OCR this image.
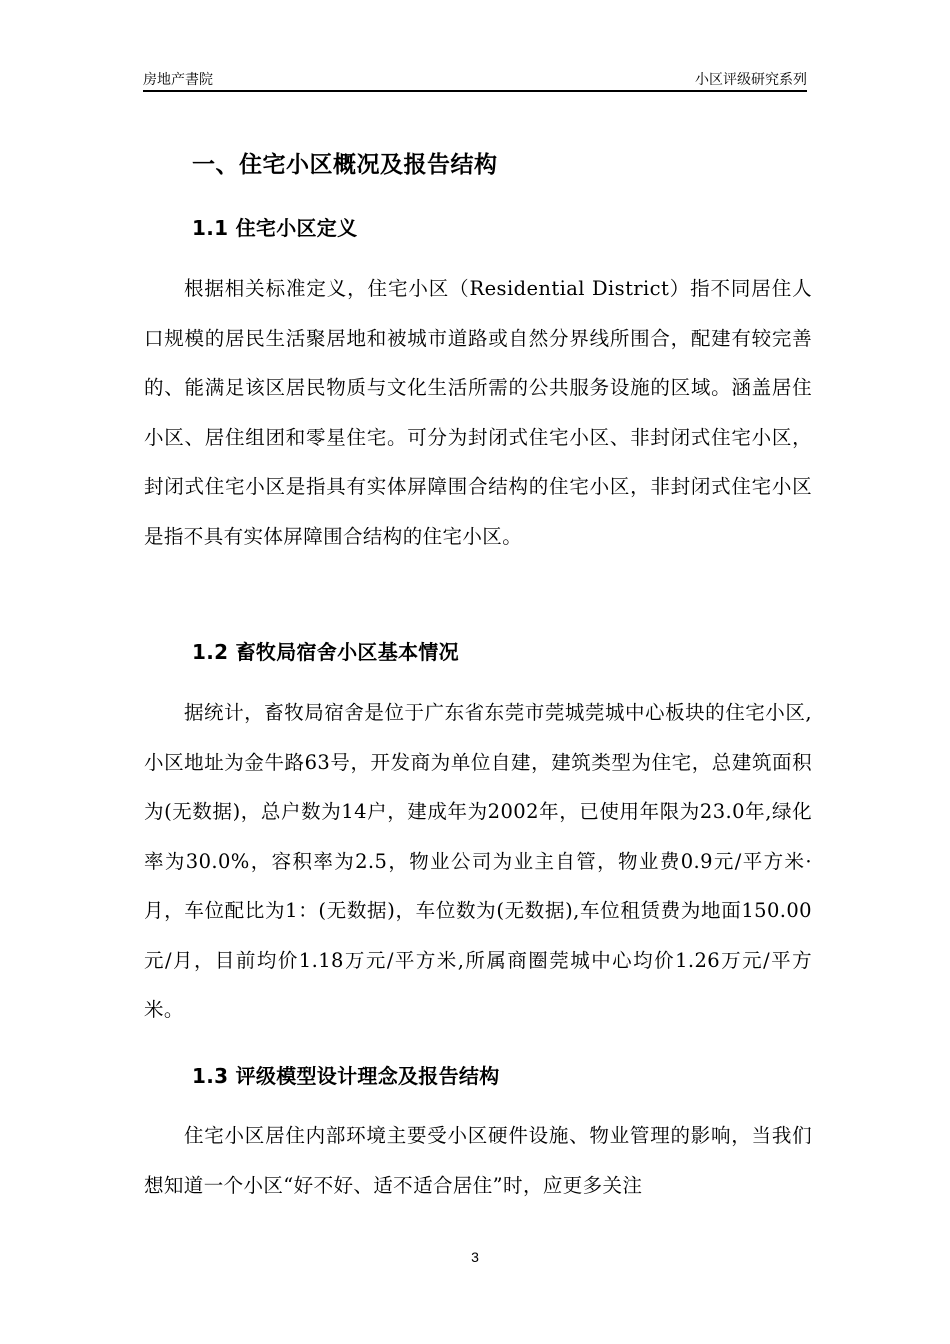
房地产書院	小区评级研究系列
一、住宅小区概况及报告结构
1.1 住宅小区定义
根据相关标准定义，住宅小区（Residential District）指不同居住人口规模的居民生活聚居地和被城市道路或自然分界线所围合，配建有较完善的、能满足该区居民物质与文化生活所需的公共服务设施的区域。涵盖居住小区、居住组团和零星住宅。可分为封闭式住宅小区、非封闭式住宅小区，封闭式住宅小区是指具有实体屏障围合结构的住宅小区，非封闭式住宅小区是指不具有实体屏障围合结构的住宅小区。
1.2 畜牧局宿舍小区基本情况
据统计，畜牧局宿舍是位于广东省东莞市莞城莞城中心板块的住宅小区,小区地址为金牛路63号，开发商为单位自建，建筑类型为住宅，总建筑面积为(无数据)，总户数为14户，建成年为2002年，已使用年限为23.0年,绿化率为30.0%，容积率为2.5，物业公司为业主自管，物业费0.9元/平方米·月，车位配比为1：(无数据)，车位数为(无数据),车位租赁费为地面150.00元/月，目前均价1.18万元/平方米,所属商圈莞城中心均价1.26万元/平方米。
1.3 评级模型设计理念及报告结构
住宅小区居住内部环境主要受小区硬件设施、物业管理的影响，当我们想知道一个小区“好不好、适不适合居住”时，应更多关注
3
